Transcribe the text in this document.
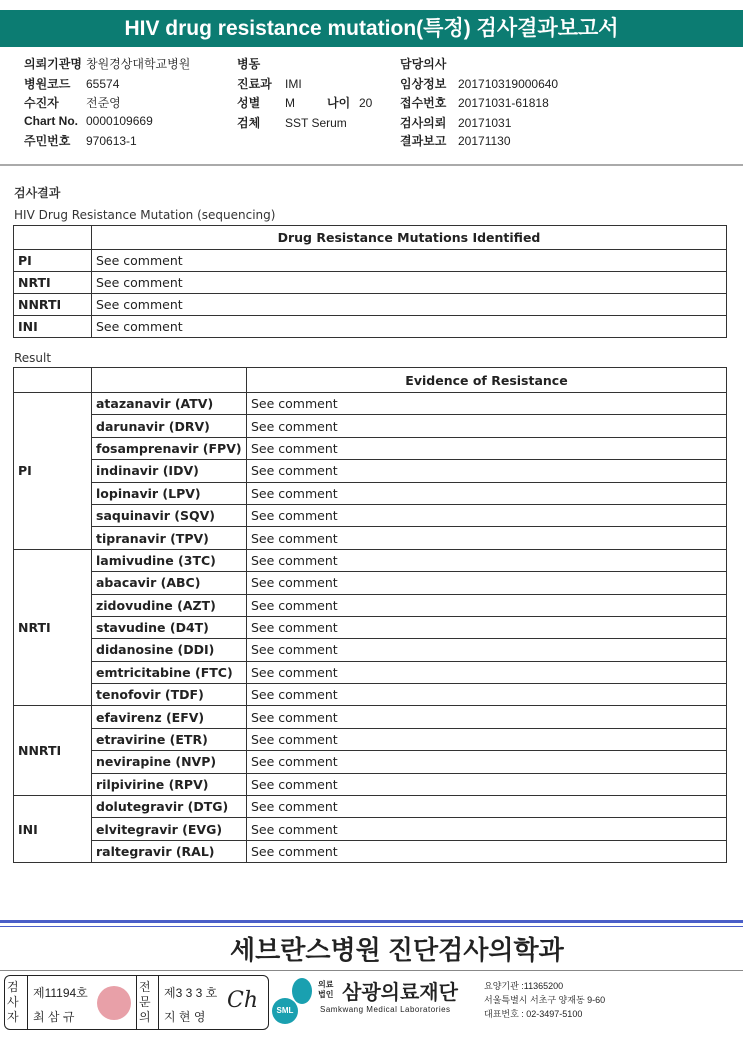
HIV drug resistance mutation(특정) 검사결과보고서
의뢰기관명 창원경상대학교병원
병원코드 65574
수진자 전준영
Chart No. 0000109669
주민번호 970613-1
병동
진료과 IMI
성별 M
검체 SST Serum
담당의사
임상정보 201710319000640
접수번호 20171031-61818
검사의뢰 20171031
결과보고 20171130
나이 20
검사결과
HIV Drug Resistance Mutation (sequencing)
	Drug Resistance Mutations Identified
PI	See comment
NRTI	See comment
NNRTI	See comment
INI	See comment
Result
		Evidence of Resistance
PI	atazanavir (ATV)	See comment
	darunavir (DRV)	See comment
	fosamprenavir (FPV)	See comment
	indinavir (IDV)	See comment
	lopinavir (LPV)	See comment
	saquinavir (SQV)	See comment
	tipranavir (TPV)	See comment
NRTI	lamivudine (3TC)	See comment
	abacavir (ABC)	See comment
	zidovudine (AZT)	See comment
	stavudine (D4T)	See comment
	didanosine (DDI)	See comment
	emtricitabine (FTC)	See comment
	tenofovir (TDF)	See comment
NNRTI	efavirenz (EFV)	See comment
	etravirine (ETR)	See comment
	nevirapine (NVP)	See comment
	rilpivirine (RPV)	See comment
INI	dolutegravir (DTG)	See comment
	elvitegravir (EVG)	See comment
	raltegravir (RAL)	See comment
세브란스병원 진단검사의학과
검사자
제11194호
최 삼 규
전문의
제3 3 3 호
지 현 영
Ch	SML
의료법인 삼광의료재단
Samkwang Medical Laboratories
요양기관 :11365200
서울특별시 서초구 양재동 9-60
대표번호 : 02-3497-5100
